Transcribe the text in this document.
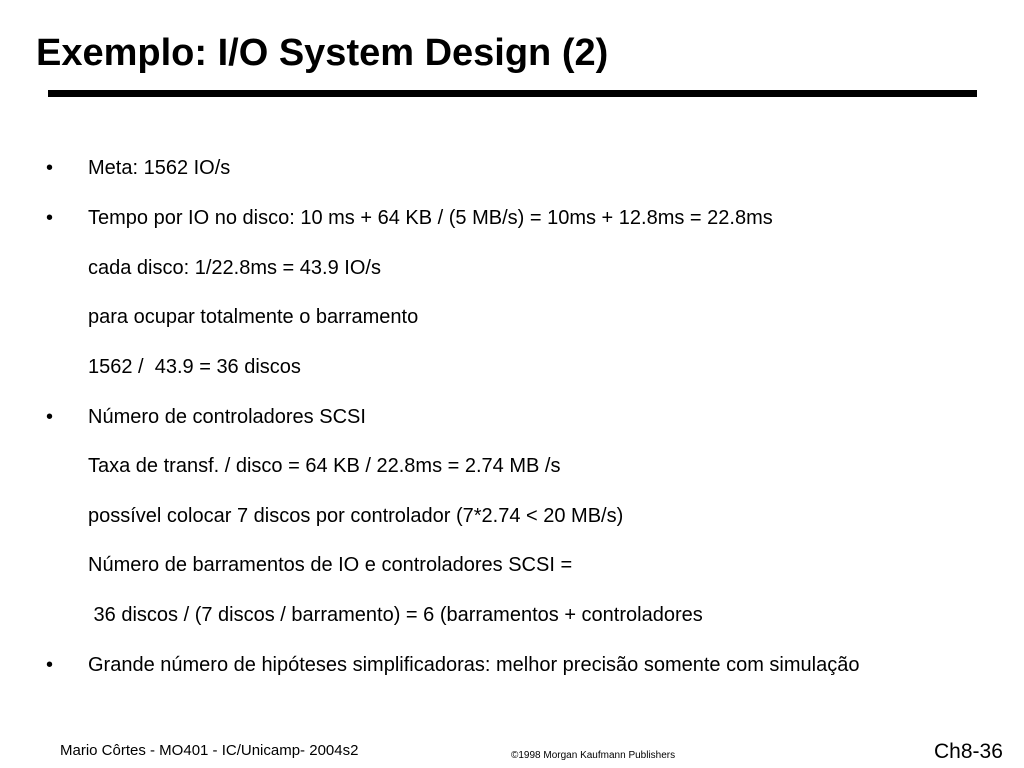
Exemplo: I/O System Design (2)
• Meta: 1562 IO/s
• Tempo por IO no disco: 10 ms + 64 KB / (5 MB/s) = 10ms + 12.8ms = 22.8ms
cada disco: 1/22.8ms = 43.9 IO/s
para ocupar totalmente o barramento
1562 /  43.9 = 36 discos
• Número de controladores SCSI
Taxa de transf. / disco = 64 KB / 22.8ms = 2.74 MB /s
possível colocar 7 discos por controlador (7*2.74 < 20 MB/s)
Número de barramentos de IO e controladores SCSI =
36 discos / (7 discos / barramento) = 6 (barramentos + controladores
• Grande número de hipóteses simplificadoras: melhor precisão somente com simulação
Mario Côrtes - MO401 - IC/Unicamp- 2004s2	©1998 Morgan Kaufmann Publishers	Ch8-36
